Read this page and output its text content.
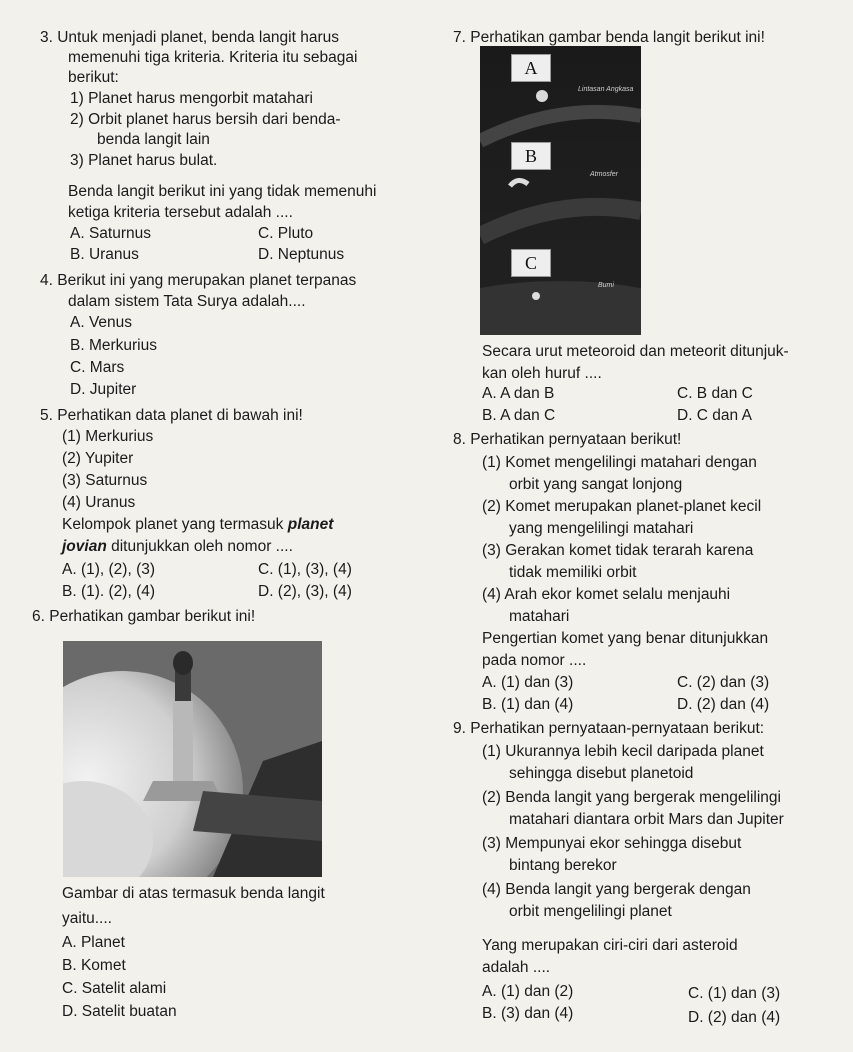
3. Untuk menjadi planet, benda langit harus
memenuhi tiga kriteria. Kriteria itu sebagai
berikut:
1) Planet harus mengorbit matahari
2) Orbit planet harus bersih dari benda-
benda langit lain
3) Planet harus bulat.
Benda langit berikut ini yang tidak memenuhi
ketiga kriteria tersebut adalah ....
A. Saturnus	C. Pluto
B. Uranus	D. Neptunus
4. Berikut ini yang merupakan planet terpanas
dalam sistem Tata Surya adalah....
A. Venus
B. Merkurius
C. Mars
D. Jupiter
5. Perhatikan data planet di bawah ini!
(1) Merkurius
(2) Yupiter
(3) Saturnus
(4) Uranus
Kelompok planet yang termasuk planet
jovian ditunjukkan oleh nomor ....
A. (1), (2), (3)	C. (1), (3), (4)
B. (1). (2), (4)	D. (2), (3), (4)
6. Perhatikan gambar berikut ini!
Gambar di atas termasuk benda langit
yaitu....
A. Planet
B. Komet
C. Satelit alami
D. Satelit buatan
7. Perhatikan gambar benda langit berikut ini!
A
B
C
Lintasan Angkasa
Atmosfer
Bumi
Secara urut meteoroid dan meteorit ditunjuk-
kan oleh huruf ....
A. A dan B	C. B dan C
B. A dan C	D. C dan A
8. Perhatikan pernyataan berikut!
(1) Komet mengelilingi matahari dengan
orbit yang sangat lonjong
(2) Komet merupakan planet-planet kecil
yang mengelilingi matahari
(3) Gerakan komet tidak terarah karena
tidak memiliki orbit
(4) Arah ekor komet selalu menjauhi
matahari
Pengertian komet yang benar ditunjukkan
pada nomor ....
A. (1) dan (3)	C. (2) dan (3)
B. (1) dan (4)	D. (2) dan (4)
9. Perhatikan pernyataan-pernyataan berikut:
(1) Ukurannya lebih kecil daripada planet
sehingga disebut planetoid
(2) Benda langit yang bergerak mengelilingi
matahari diantara orbit Mars dan Jupiter
(3) Mempunyai ekor sehingga disebut
bintang berekor
(4) Benda langit yang bergerak dengan
orbit mengelilingi planet
Yang merupakan ciri-ciri dari asteroid
adalah ....
A. (1) dan (2)	C. (1) dan (3)
B. (3) dan (4)	D. (2) dan (4)
